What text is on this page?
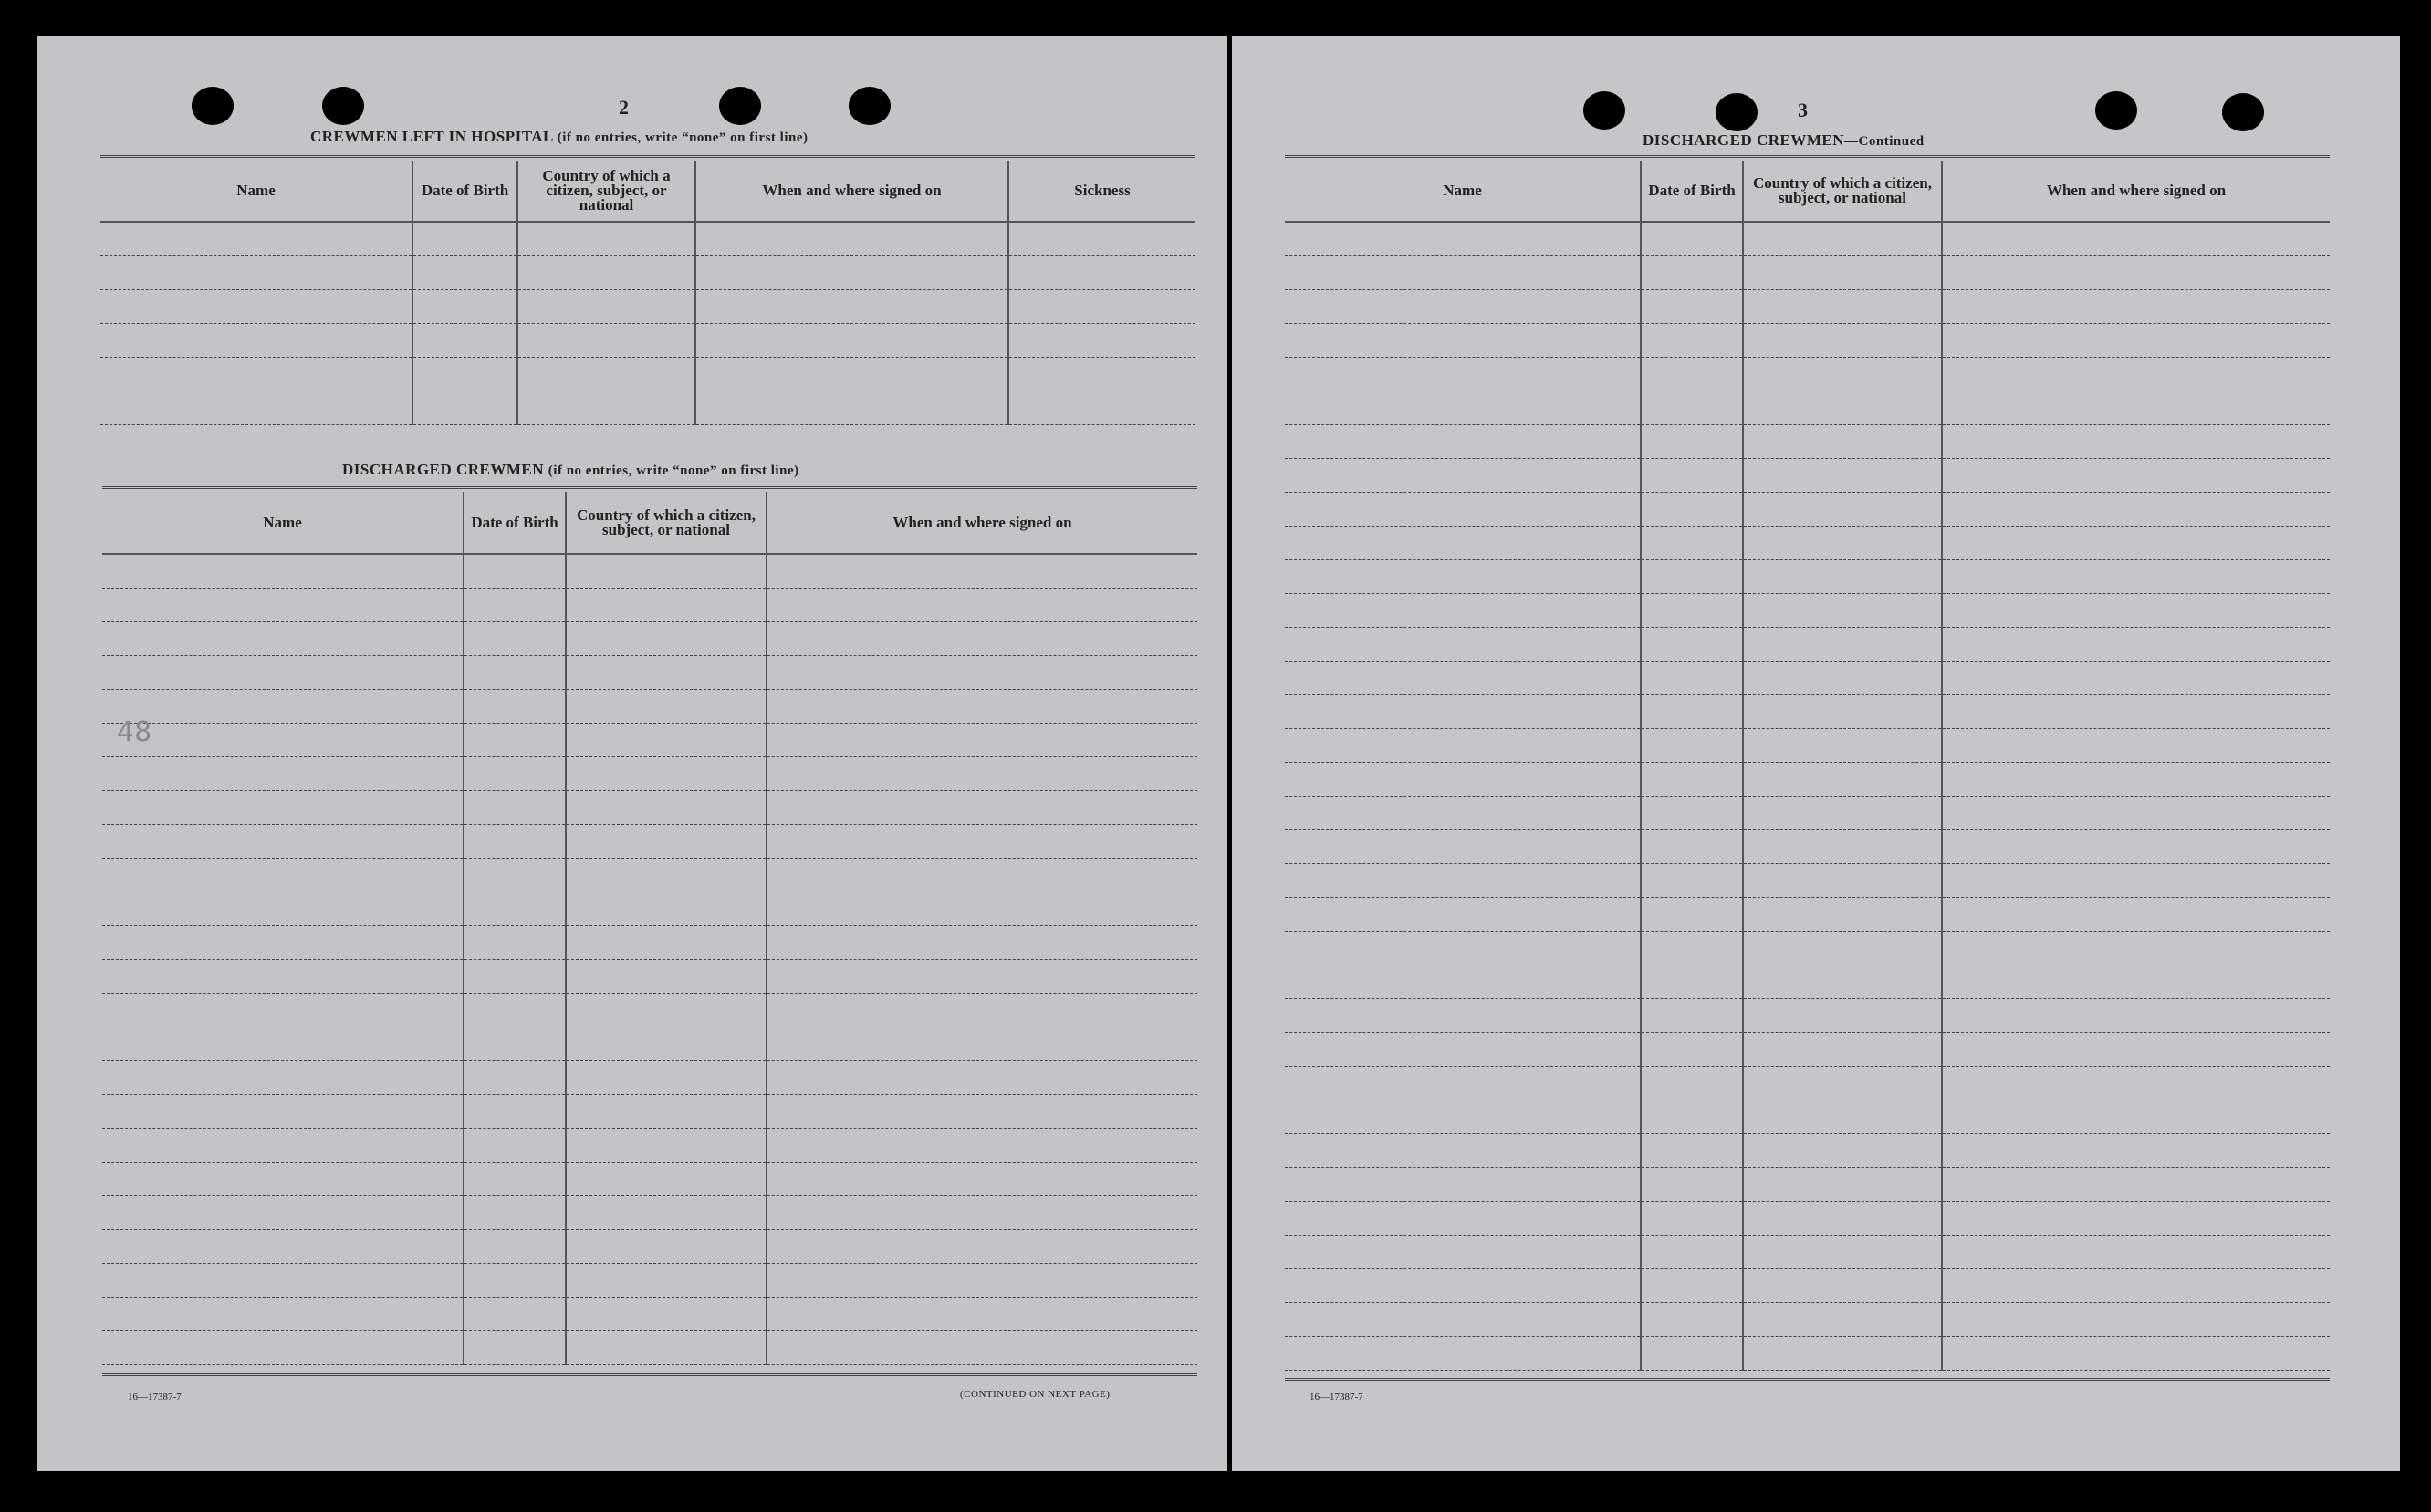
2
CREWMEN LEFT IN HOSPITAL (if no entries, write “none” on first line)
Name	Date of Birth	Country of which a citizen, subject, or national	When and where signed on	Sickness

DISCHARGED CREWMEN (if no entries, write “none” on first line)
Name	Date of Birth	Country of which a citizen, subject, or national	When and where signed on

48
16—17387-7	(CONTINUED ON NEXT PAGE)
3
DISCHARGED CREWMEN—Continued
Name	Date of Birth	Country of which a citizen, subject, or national	When and where signed on

16—17387-7
